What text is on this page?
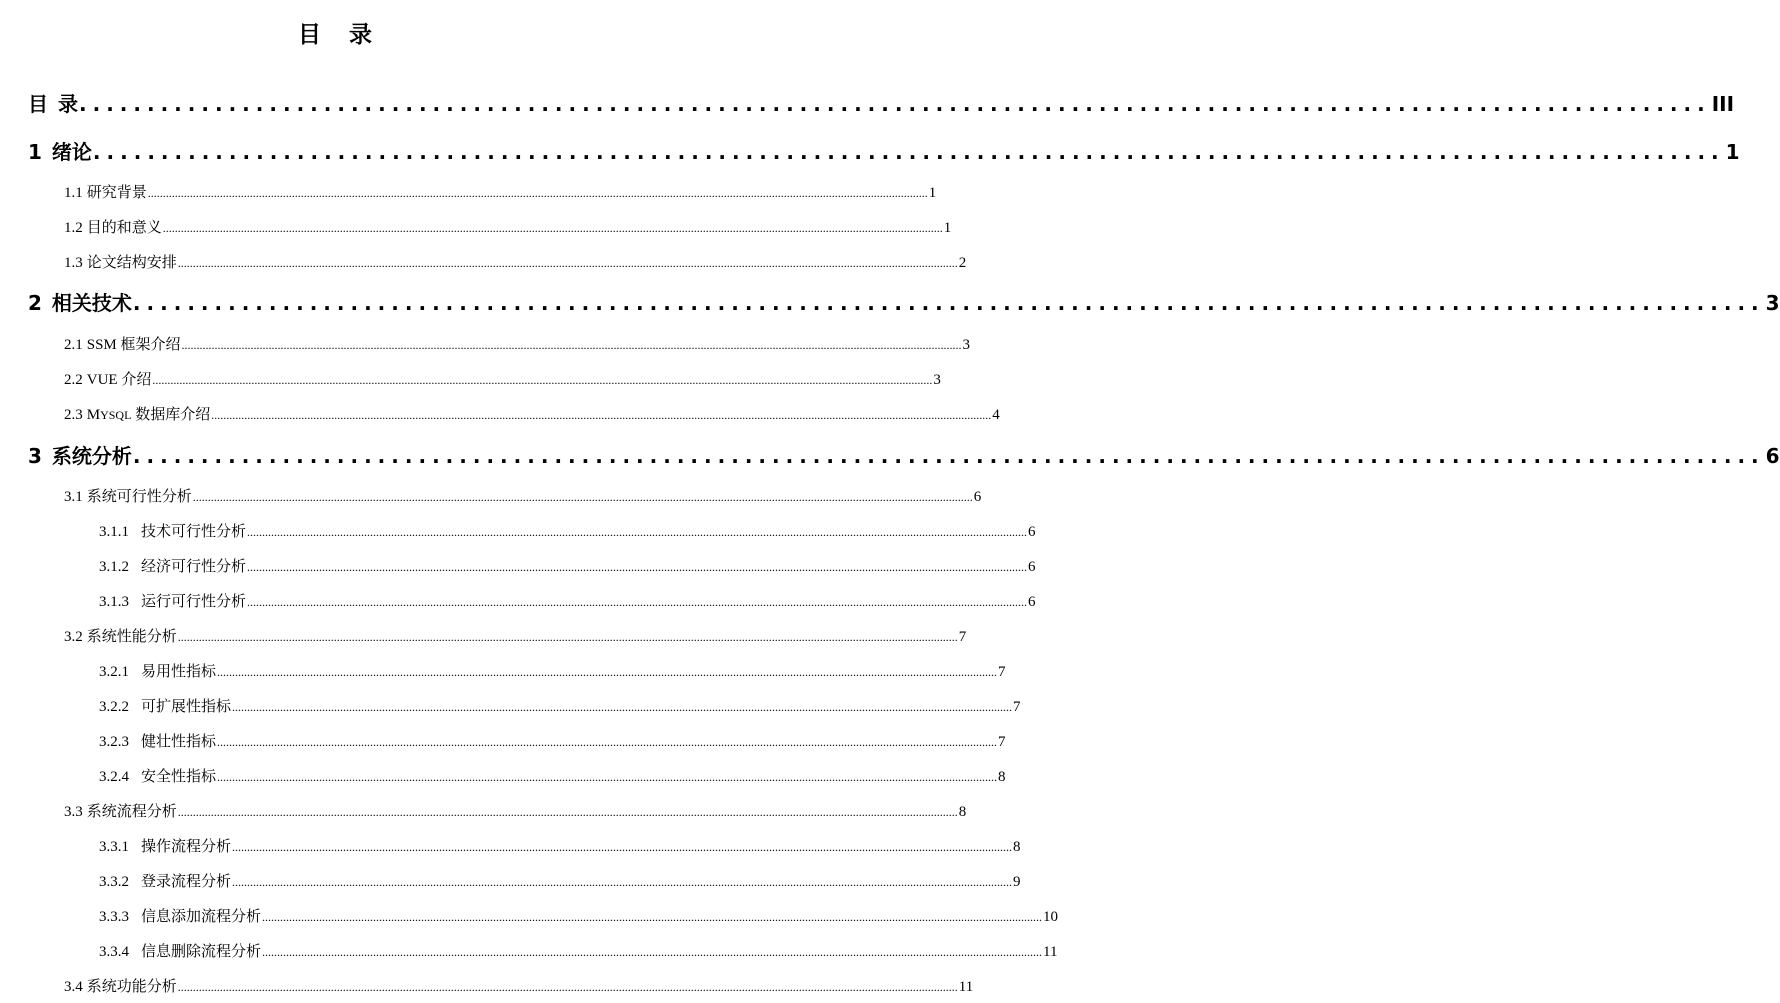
目 录
目 录 ........................................................................................................................ III
1 绪论 ........................................................................................................................ 1
1.1 研究背景 .................................................................................................................................................................................................................................................................... 1
1.2 目的和意义 .................................................................................................................................................................................................................................................................... 1
1.3 论文结构安排 .................................................................................................................................................................................................................................................................... 2
2 相关技术 ........................................................................................................................ 3
2.1 SSM 框架介绍 .................................................................................................................................................................................................................................................................... 3
2.2 VUE 介绍 .................................................................................................................................................................................................................................................................... 3
2.3 MYSQL 数据库介绍 .................................................................................................................................................................................................................................................................... 4
3 系统分析 ........................................................................................................................ 6
3.1 系统可行性分析 .................................................................................................................................................................................................................................................................... 6
3.1.1 技术可行性分析 .................................................................................................................................................................................................................................................................... 6
3.1.2 经济可行性分析 .................................................................................................................................................................................................................................................................... 6
3.1.3 运行可行性分析 .................................................................................................................................................................................................................................................................... 6
3.2 系统性能分析 .................................................................................................................................................................................................................................................................... 7
3.2.1 易用性指标 .................................................................................................................................................................................................................................................................... 7
3.2.2 可扩展性指标 .................................................................................................................................................................................................................................................................... 7
3.2.3 健壮性指标 .................................................................................................................................................................................................................................................................... 7
3.2.4 安全性指标 .................................................................................................................................................................................................................................................................... 8
3.3 系统流程分析 .................................................................................................................................................................................................................................................................... 8
3.3.1 操作流程分析 .................................................................................................................................................................................................................................................................... 8
3.3.2 登录流程分析 .................................................................................................................................................................................................................................................................... 9
3.3.3 信息添加流程分析 .................................................................................................................................................................................................................................................................... 10
3.3.4 信息删除流程分析 .................................................................................................................................................................................................................................................................... 11
3.4 系统功能分析 .................................................................................................................................................................................................................................................................... 11
